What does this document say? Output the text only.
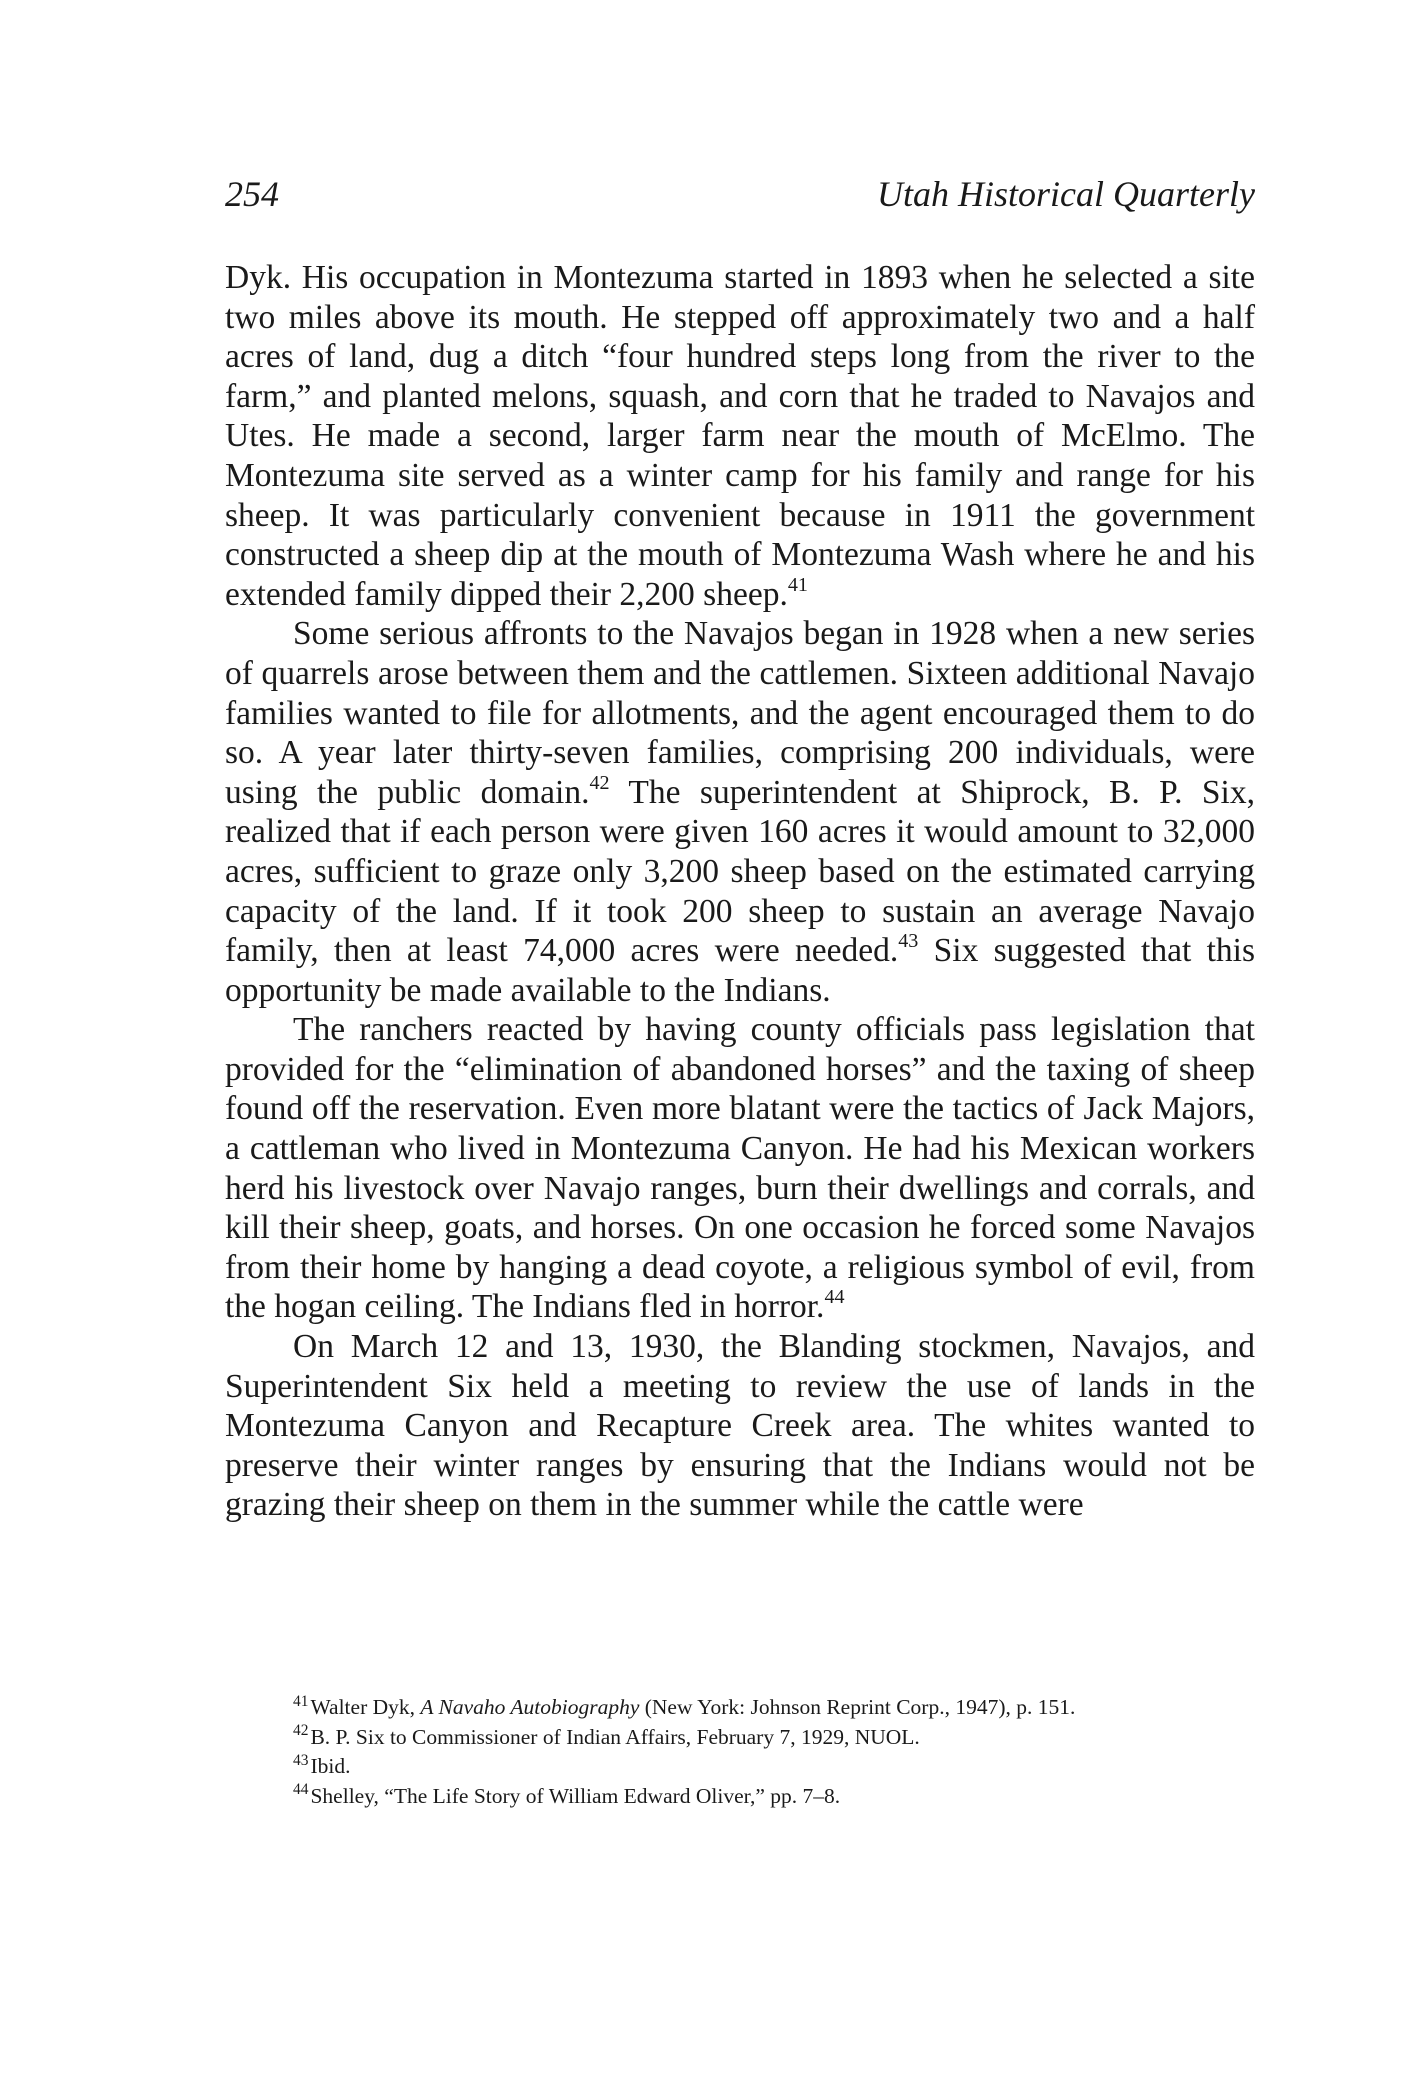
254	Utah Historical Quarterly

Dyk. His occupation in Montezuma started in 1893 when he selected a site two miles above its mouth. He stepped off approximately two and a half acres of land, dug a ditch “four hundred steps long from the river to the farm,” and planted melons, squash, and corn that he traded to Navajos and Utes. He made a second, larger farm near the mouth of McElmo. The Montezuma site served as a winter camp for his family and range for his sheep. It was particularly convenient because in 1911 the government constructed a sheep dip at the mouth of Montezuma Wash where he and his extended family dipped their 2,200 sheep.$^{41}$

Some serious affronts to the Navajos began in 1928 when a new series of quarrels arose between them and the cattlemen. Sixteen additional Navajo families wanted to file for allotments, and the agent encouraged them to do so. A year later thirty-seven families, comprising 200 individuals, were using the public domain.$^{42}$ The superintendent at Shiprock, B. P. Six, realized that if each person were given 160 acres it would amount to 32,000 acres, sufficient to graze only 3,200 sheep based on the estimated carrying capacity of the land. If it took 200 sheep to sustain an average Navajo family, then at least 74,000 acres were needed.$^{43}$ Six suggested that this opportunity be made available to the Indians.

The ranchers reacted by having county officials pass legislation that provided for the “elimination of abandoned horses” and the taxing of sheep found off the reservation. Even more blatant were the tactics of Jack Majors, a cattleman who lived in Montezuma Canyon. He had his Mexican workers herd his livestock over Navajo ranges, burn their dwellings and corrals, and kill their sheep, goats, and horses. On one occasion he forced some Navajos from their home by hanging a dead coyote, a religious symbol of evil, from the hogan ceiling. The Indians fled in horror.$^{44}$

On March 12 and 13, 1930, the Blanding stockmen, Navajos, and Superintendent Six held a meeting to review the use of lands in the Montezuma Canyon and Recapture Creek area. The whites wanted to preserve their winter ranges by ensuring that the Indians would not be grazing their sheep on them in the summer while the cattle were

$^{41}$Walter Dyk, A Navaho Autobiography (New York: Johnson Reprint Corp., 1947), p. 151.
$^{42}$B. P. Six to Commissioner of Indian Affairs, February 7, 1929, NUOL.
$^{43}$Ibid.
$^{44}$Shelley, “The Life Story of William Edward Oliver,” pp. 7–8.
